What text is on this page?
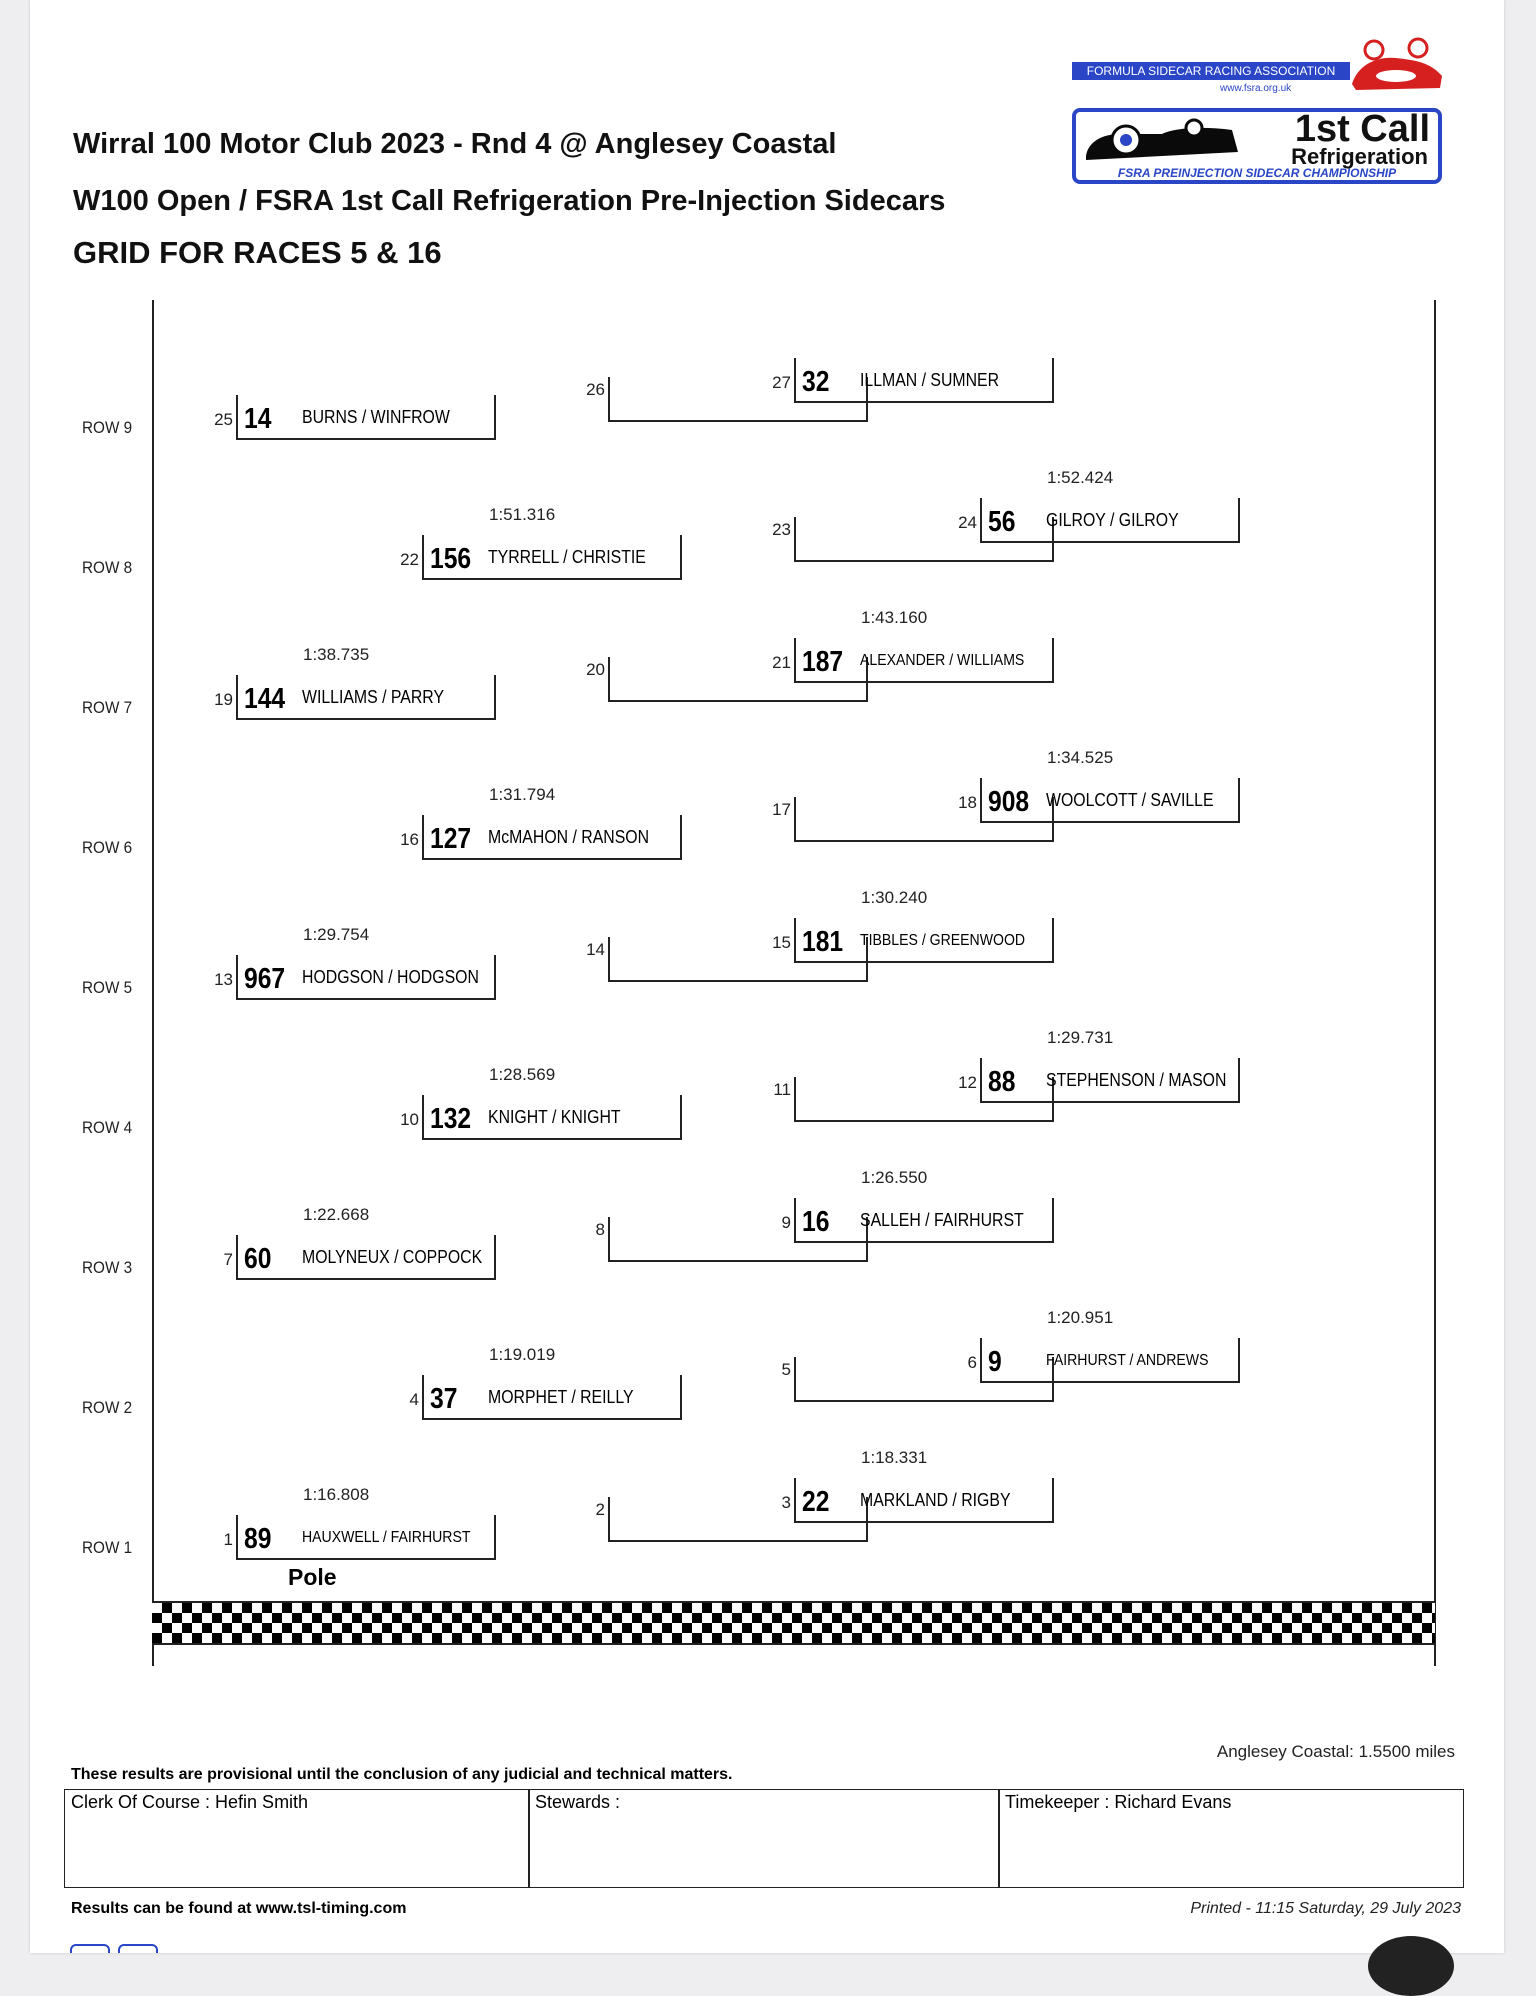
FORMULA SIDECAR RACING ASSOCIATION
www.fsra.org.uk
1st Call
Refrigeration
FSRA PREINJECTION SIDECAR CHAMPIONSHIP
Wirral 100 Motor Club 2023 - Rnd 4 @ Anglesey Coastal
W100 Open / FSRA 1st Call Refrigeration Pre-Injection Sidecars
GRID FOR RACES 5 & 16
ROW 9
ROW 8
ROW 7
ROW 6
ROW 5
ROW 4
ROW 3
ROW 2
ROW 1
14 BURNS / WINFROW
25
26	32 ILLMAN / SUMNER
27
156 TYRRELL / CHRISTIE
22
1:51.316
23	56 GILROY / GILROY
24
1:52.424
144 WILLIAMS / PARRY
19
1:38.735
20	187 ALEXANDER / WILLIAMS
21
1:43.160
127 McMAHON / RANSON
16
1:31.794
17	908 WOOLCOTT / SAVILLE
18
1:34.525
967 HODGSON / HODGSON
13
1:29.754
14	181 TIBBLES / GREENWOOD
15
1:30.240
132 KNIGHT / KNIGHT
10
1:28.569
11	88 STEPHENSON / MASON
12
1:29.731
60 MOLYNEUX / COPPOCK
7
1:22.668
8	16 SALLEH / FAIRHURST
9
1:26.550
37 MORPHET / REILLY
4
1:19.019
5	9	FAIRHURST / ANDREWS
6
1:20.951
89 HAUXWELL / FAIRHURST
1
1:16.808
2	22 MARKLAND / RIGBY
3
1:18.331
Pole
Anglesey Coastal: 1.5500 miles
These results are provisional until the conclusion of any judicial and technical matters.
Clerk Of Course : Hefin Smith	Stewards :	Timekeeper : Richard Evans
Results can be found at www.tsl-timing.com	Printed - 11:15 Saturday, 29 July 2023
